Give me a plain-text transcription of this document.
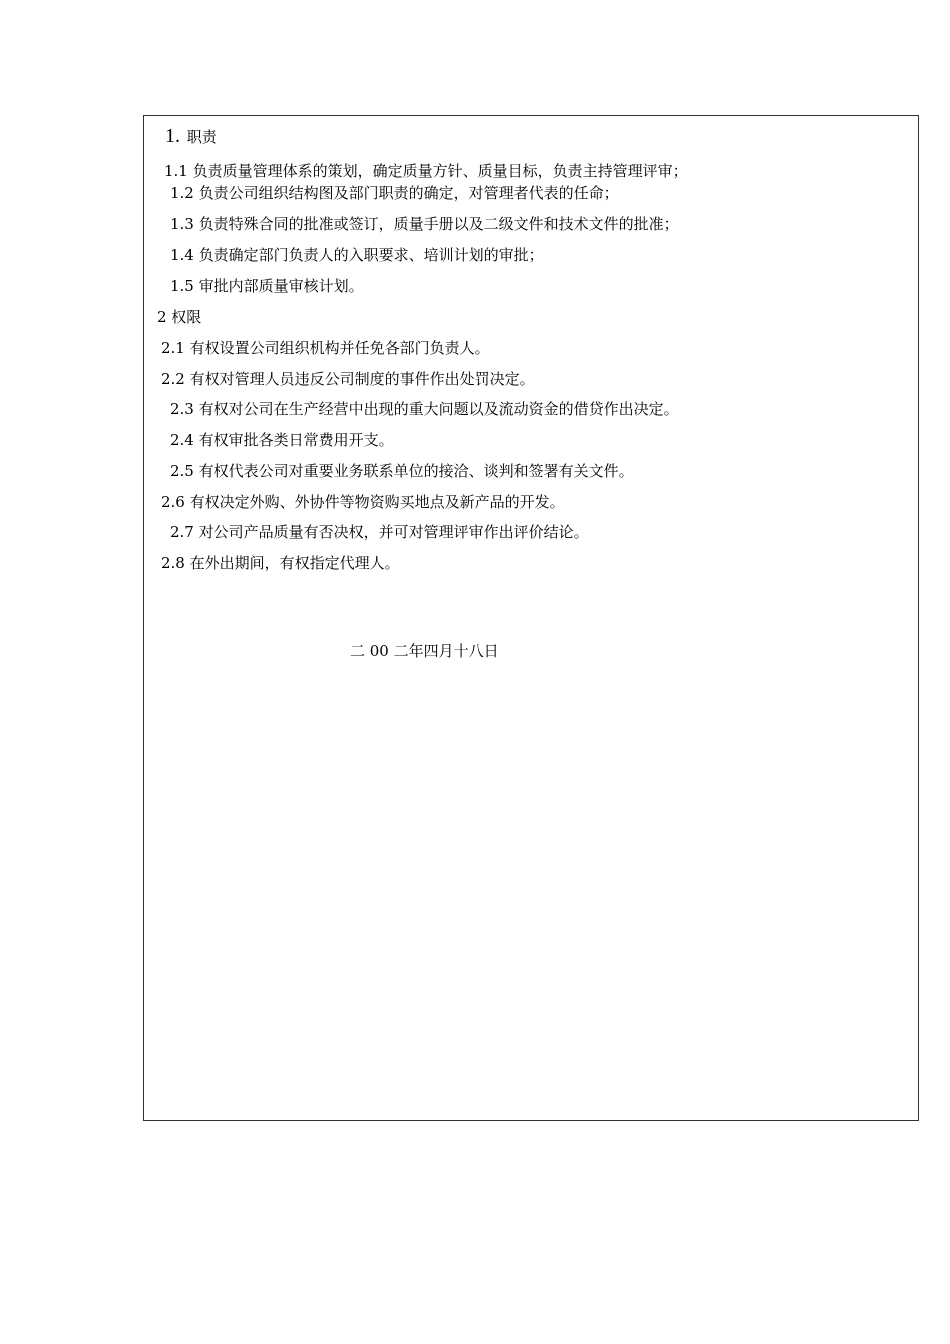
1. 职责
1.1 负责质量管理体系的策划，确定质量方针、质量目标，负责主持管理评审；
1.2 负责公司组织结构图及部门职责的确定，对管理者代表的任命；
1.3 负责特殊合同的批准或签订，质量手册以及二级文件和技术文件的批准；
1.4 负责确定部门负责人的入职要求、培训计划的审批；
1.5 审批内部质量审核计划。
2 权限
2.1 有权设置公司组织机构并任免各部门负责人。
2.2 有权对管理人员违反公司制度的事件作出处罚决定。
2.3 有权对公司在生产经营中出现的重大问题以及流动资金的借贷作出决定。
2.4 有权审批各类日常费用开支。
2.5 有权代表公司对重要业务联系单位的接洽、谈判和签署有关文件。
2.6 有权决定外购、外协件等物资购买地点及新产品的开发。
2.7 对公司产品质量有否决权，并可对管理评审作出评价结论。
2.8 在外出期间，有权指定代理人。
二 00 二年四月十八日
